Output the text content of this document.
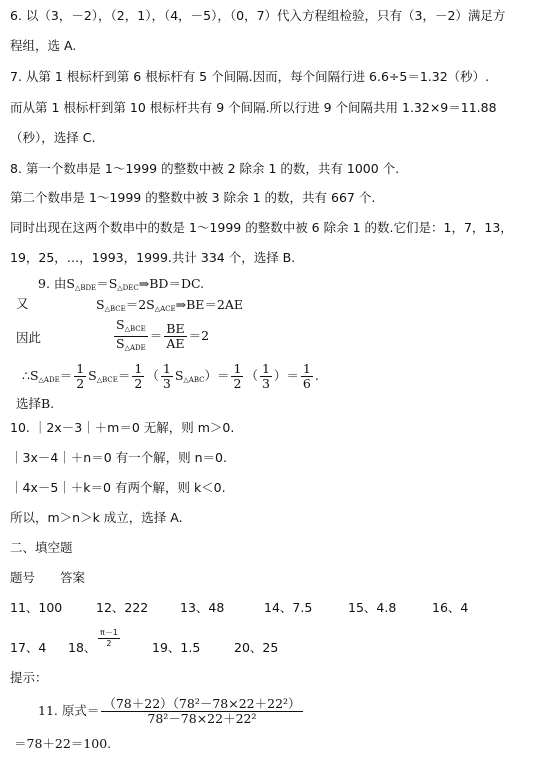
6. 以（3，－2），（2，1），（4，－5），（0，7）代入方程组检验，只有（3，－2）满足方
程组，选 A.
7. 从第 1 根标杆到第 6 根标杆有 5 个间隔.因而，每个间隔行进 6.6÷5＝1.32（秒）.
而从第 1 根标杆到第 10 根标杆共有 9 个间隔.所以行进 9 个间隔共用 1.32×9＝11.88
（秒），选择 C.
8. 第一个数串是 1～1999 的整数中被 2 除余 1 的数，共有 1000 个.
第二个数串是 1～1999 的整数中被 3 除余 1 的数，共有 667 个.
同时出现在这两个数串中的数是 1～1999 的整数中被 6 除余 1 的数.它们是：1，7，13，
19，25，…，1993，1999.共计 334 个，选择 B.
9. 由$S_{\triangle BDE}=S_{\triangle DEC}\Rightarrow BD=DC$.
又	$S_{\triangle BCE}=2S_{\triangle ACE}\Rightarrow BE=2AE$
因此	$\frac{S_{\triangle BCE}}{S_{\triangle ADE}} = \frac{BE}{AE} =2$
$\therefore S_{\triangle ADE}= \frac{1}{2} S_{\triangle BCE}= \frac{1}{2}$ （ $\frac{1}{3} S_{\triangle ABC})= \frac{1}{2}$ （ $\frac{1}{3}$ ）＝ $\frac{1}{6}$ .
选择B.
10. ｜2x－3｜＋m＝0 无解，则 m＞0.
｜3x－4｜＋n＝0 有一个解，则 n＝0.
｜4x－5｜＋k＝0 有两个解，则 k＜0.
所以，m＞n＞k 成立，选择 A.
二、填空题
题号　　答案
11、100	12、222	13、48	14、7.5	15、4.8	16、4
17、4 18、 $\frac{\pi-1}{2}$	19、1.5	20、25
提示：
11. 原式＝ $\frac{\text{（78＋22）（78²－78×22＋22²）}}{\text{78²－78×22＋22²}}$
＝78＋22＝100.
